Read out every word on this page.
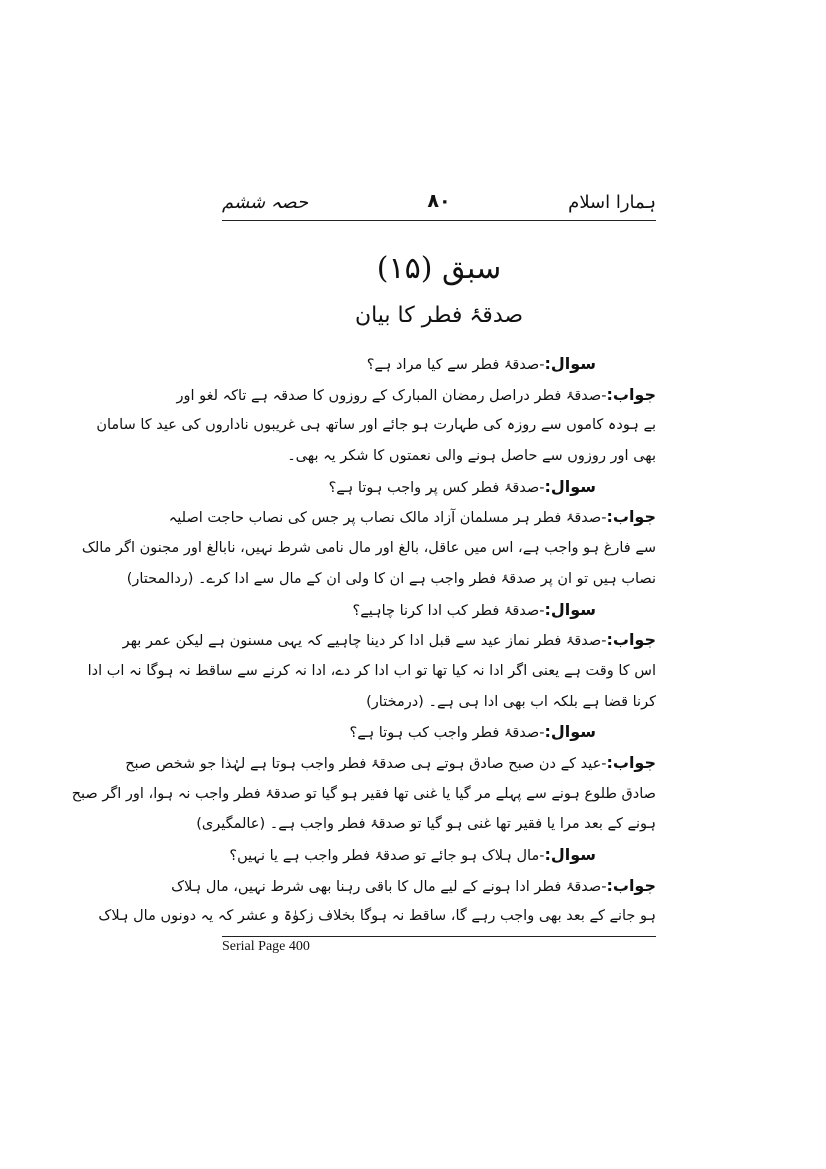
حصہ ششم	۸۰	ہمارا اسلام
سبق (۱۵)
صدقۂ فطر کا بیان
سوال:-صدقۂ فطر سے کیا مراد ہے؟
جواب:-صدقۂ فطر دراصل رمضان المبارک کے روزوں کا صدقہ ہے تاکہ لغو اور
بے ہودہ کاموں سے روزہ کی طہارت ہو جائے اور ساتھ ہی غریبوں ناداروں کی عید کا سامان
بھی اور روزوں سے حاصل ہونے والی نعمتوں کا شکر یہ بھی۔
سوال:-صدقۂ فطر کس پر واجب ہوتا ہے؟
جواب:-صدقۂ فطر ہر مسلمان آزاد مالک نصاب پر جس کی نصاب حاجت اصلیہ
سے فارغ ہو واجب ہے، اس میں عاقل، بالغ اور مال نامی شرط نہیں، نابالغ اور مجنون اگر مالک
نصاب ہیں تو ان پر صدقۂ فطر واجب ہے ان کا ولی ان کے مال سے ادا کرے۔ (ردالمحتار)
سوال:-صدقۂ فطر کب ادا کرنا چاہیے؟
جواب:-صدقۂ فطر نماز عید سے قبل ادا کر دینا چاہیے کہ یہی مسنون ہے لیکن عمر بھر
اس کا وقت ہے یعنی اگر ادا نہ کیا تھا تو اب ادا کر دے، ادا نہ کرنے سے ساقط نہ ہوگا نہ اب ادا
کرنا قضا ہے بلکہ اب بھی ادا ہی ہے۔ (درمختار)
سوال:-صدقۂ فطر واجب کب ہوتا ہے؟
جواب:-عید کے دن صبح صادق ہوتے ہی صدقۂ فطر واجب ہوتا ہے لہٰذا جو شخص صبح
صادق طلوع ہونے سے پہلے مر گیا یا غنی تھا فقیر ہو گیا تو صدقۂ فطر واجب نہ ہوا، اور اگر صبح
ہونے کے بعد مرا یا فقیر تھا غنی ہو گیا تو صدقۂ فطر واجب ہے۔ (عالمگیری)
سوال:-مال ہلاک ہو جائے تو صدقۂ فطر واجب ہے یا نہیں؟
جواب:-صدقۂ فطر ادا ہونے کے لیے مال کا باقی رہنا بھی شرط نہیں، مال ہلاک
ہو جانے کے بعد بھی واجب رہے گا، ساقط نہ ہوگا بخلاف زکوٰۃ و عشر کہ یہ دونوں مال ہلاک
Serial Page 400
